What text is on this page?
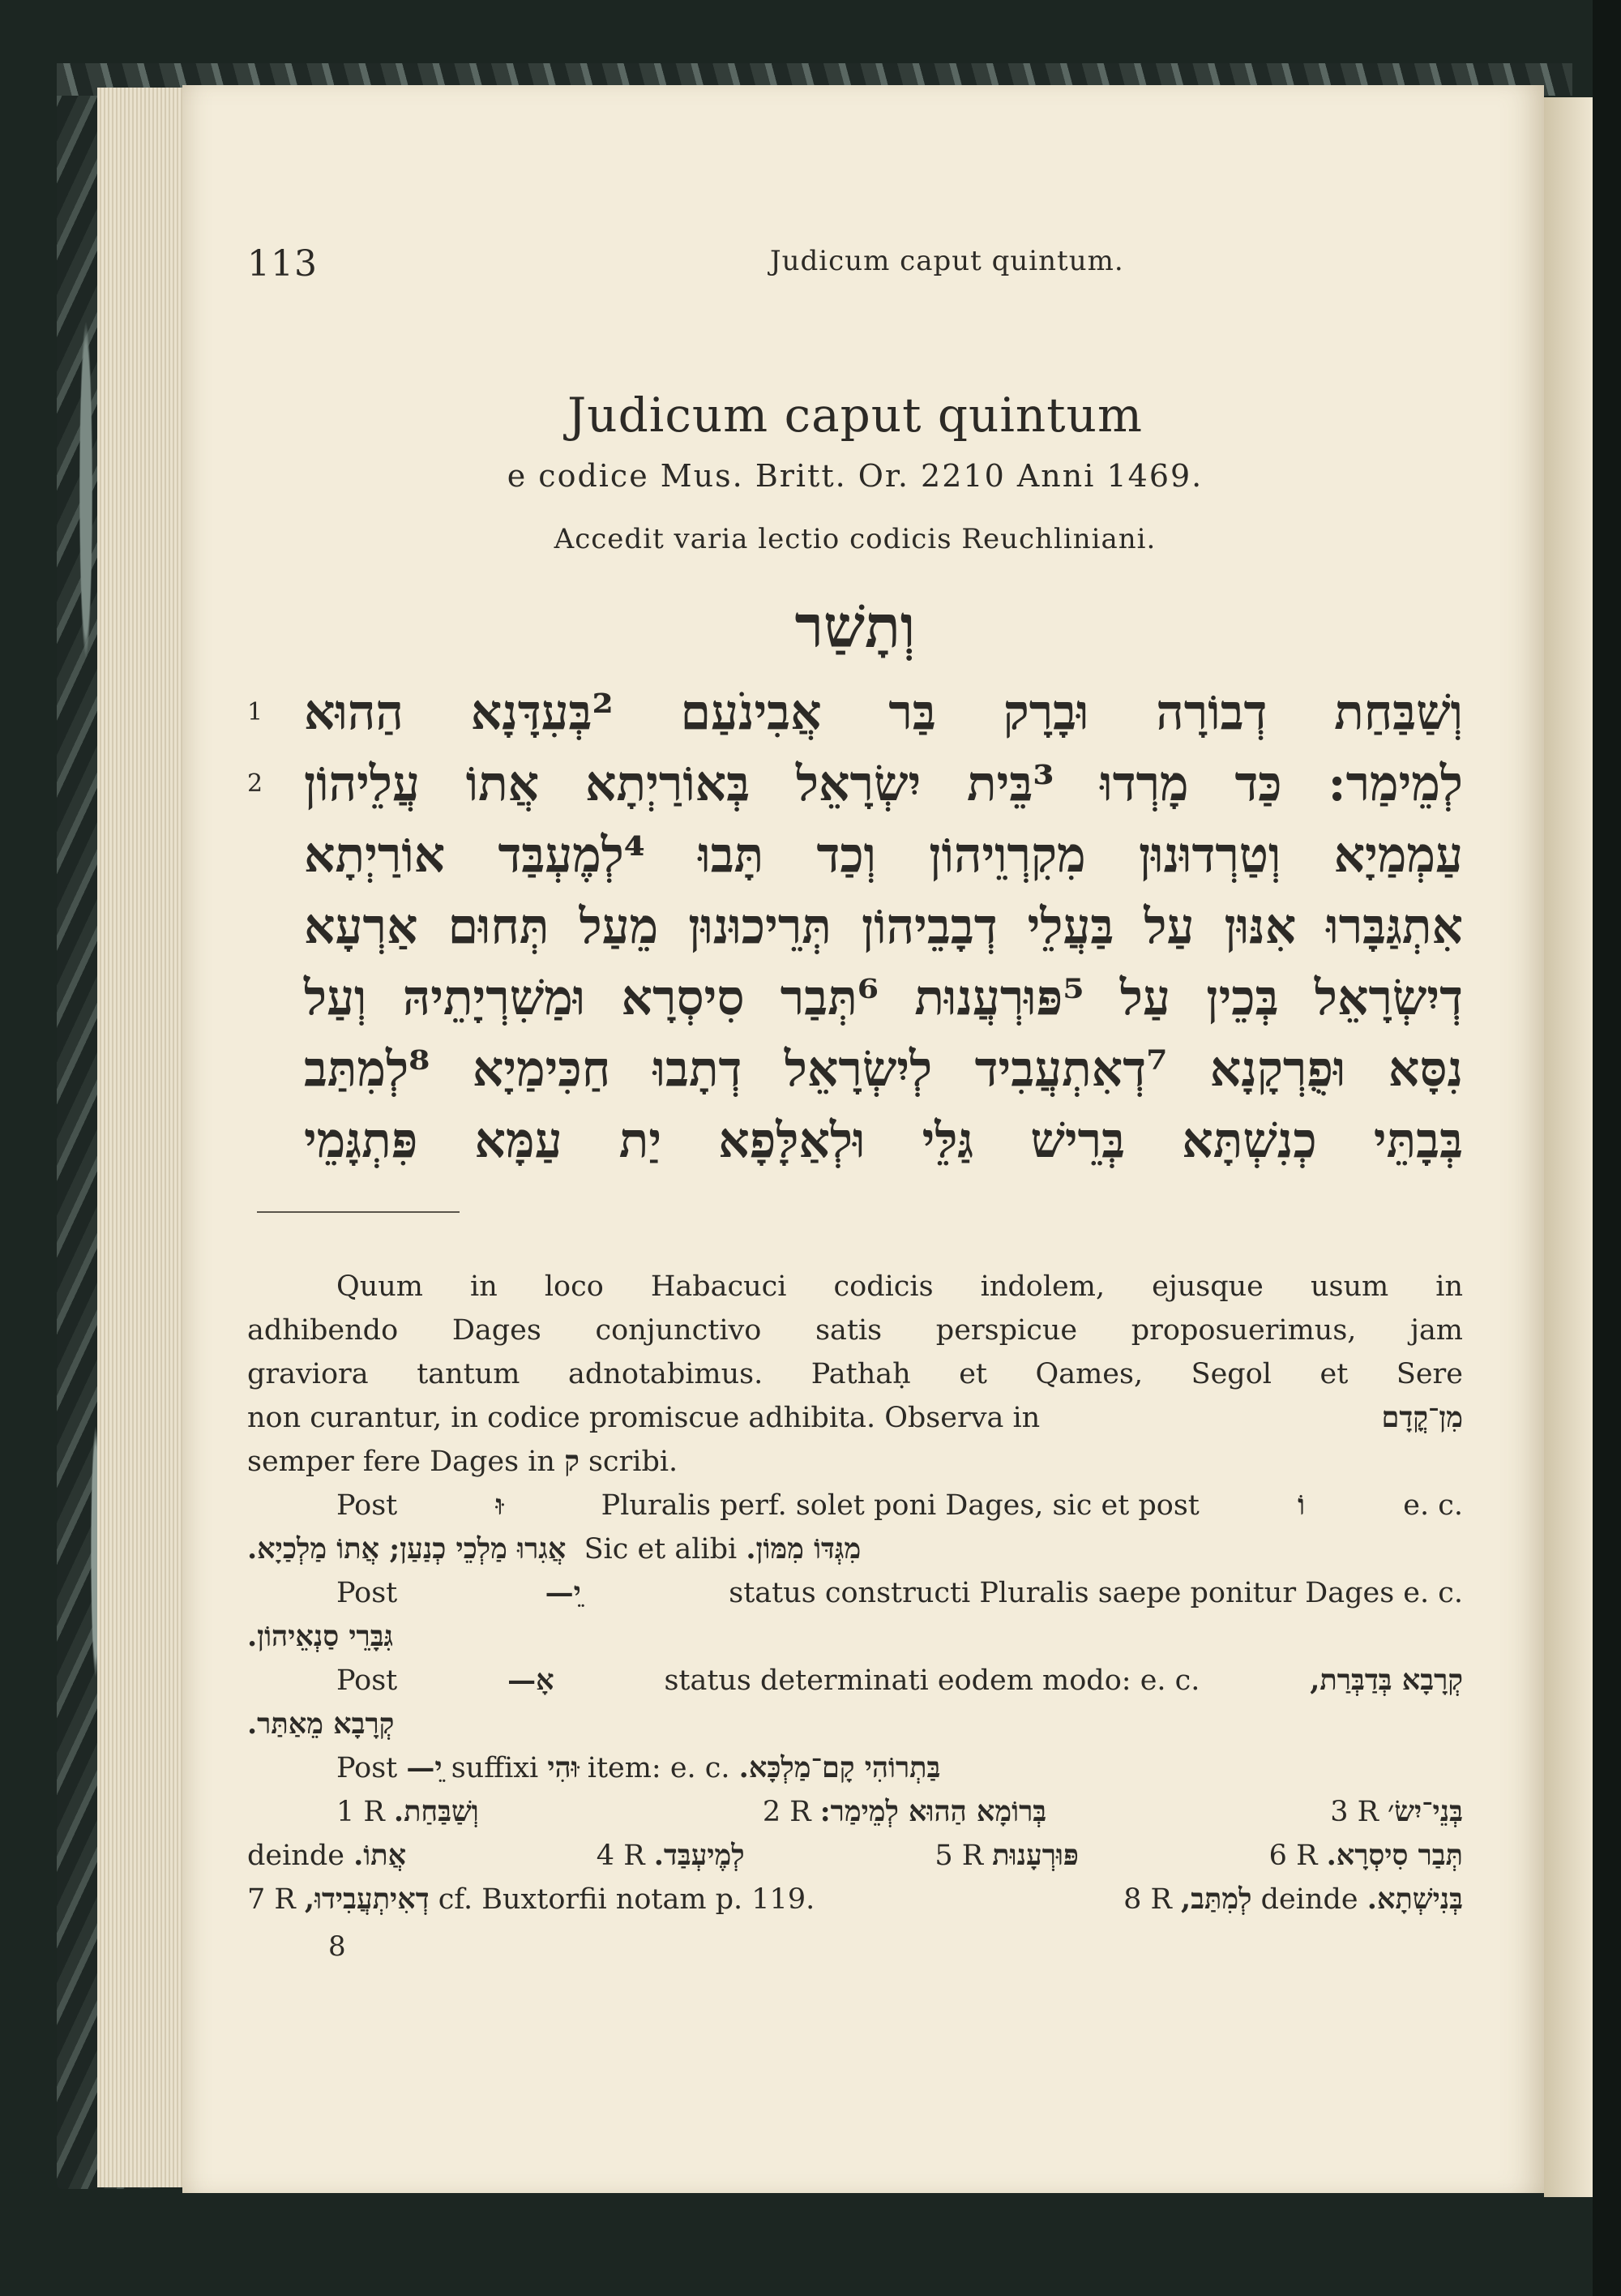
113	Judicum caput quintum.
Judicum caput quintum
e codice Mus. Britt. Or. 2210 Anni 1469.
Accedit varia lectio codicis Reuchliniani.
וְתָשַׁר
1 וְשַׁבַּחַת דְבוֹרָה וּבָרָק בַּר אֲבִינֹעַם ²בְּעִדָּנָא הַהוּא
2 לְמֵימַר: כַּד מָרְדוּ ³בֵּית יִשְׂרָאֵל בְּאוֹרַיְתָא אֲתוֹ עֲלֵיהוֹן
עַמְמַיָא וְטַרְדוּנוּן מִקִרְוֵיהוֹן וְכַד תָּבוּ ⁴לְמֶעְבַּד אוֹרַיְתָא
אִתְגַּבָּרוּ אִנּוּן עַל בַּעֲלֵי דְבָבֵיהוֹן תְּרֵיכוּנוּן מֵעַל תְּחוּם אַרְעָא
דְיִשְׂרָאֵל בְּכֵין עַל ⁵פּוּרְעֲנוּת ⁶תְּבַר סִיסְרָא וּמַשִׁרְיָתֵיהּ וְעַל
נִסָּא וּפֻרְקָנָא ⁷דְאִתְעֲבִיד לְיִשְׂרָאֵל דְתָבוּ חַכִּימַיָא ⁸לְמִתַּב
בְּבָתֵּי כְנִשְׁתָּא בְּרֵישׁ גַּלֵּי וּלְאַלָּפָא יַת עַמָּא פִּתְגָּמֵי
Quum in loco Habacuci codicis indolem, ejusque usum in
adhibendo Dages conjunctivo satis perspicue proposuerimus, jam
graviora tantum adnotabimus. Pathaḥ et Qames, Segol et Sere
non curantur, in codice promiscue adhibita. Observa in	מִן־קֳדָם
semper fere Dages in ק scribi.
Post	ּוּ	Pluralis perf. solet poni Dages, sic et post	וֹ	e. c.
אֲגִרוּ מַלְכֵי כְנַעַן; אֲתוֹ מַלְכַיָא. Sic et alibi מִגְּדּוֹ מִמּוֹן.
Post	ֵי—	status constructi Pluralis saepe ponitur Dages e. c.
גִּבָּרֵי סַנְאֵיהוֹן.
Post	אָ—	status determinati eodem modo: e. c.	קְרָבָא בְּדַבְּרַת,
קְרָבָא מֵאַתַּר.
Post ֵי— suffixi ּוּהִי item: e. c. בַּתְרוֹהִי קָם־מַלְכָּא.
1 R וְשַׁבַּחַת.	2 R בְּרוֹמָא הַהוּא לְמֵימַר:	3 R בְּנֵי־יִשׂ׳
deinde אֲתוֹ.	4 R לְמֶיעְבַּד.	5 R פּוּרְעָנוּת	6 R תְּבַר סִיסְרָא.
7 R דְאִיתְעֲבִידוּ, cf. Buxtorfii notam p. 119.	8 R לְמִתַּב, deinde בְּנִישְׁתָא.
8
